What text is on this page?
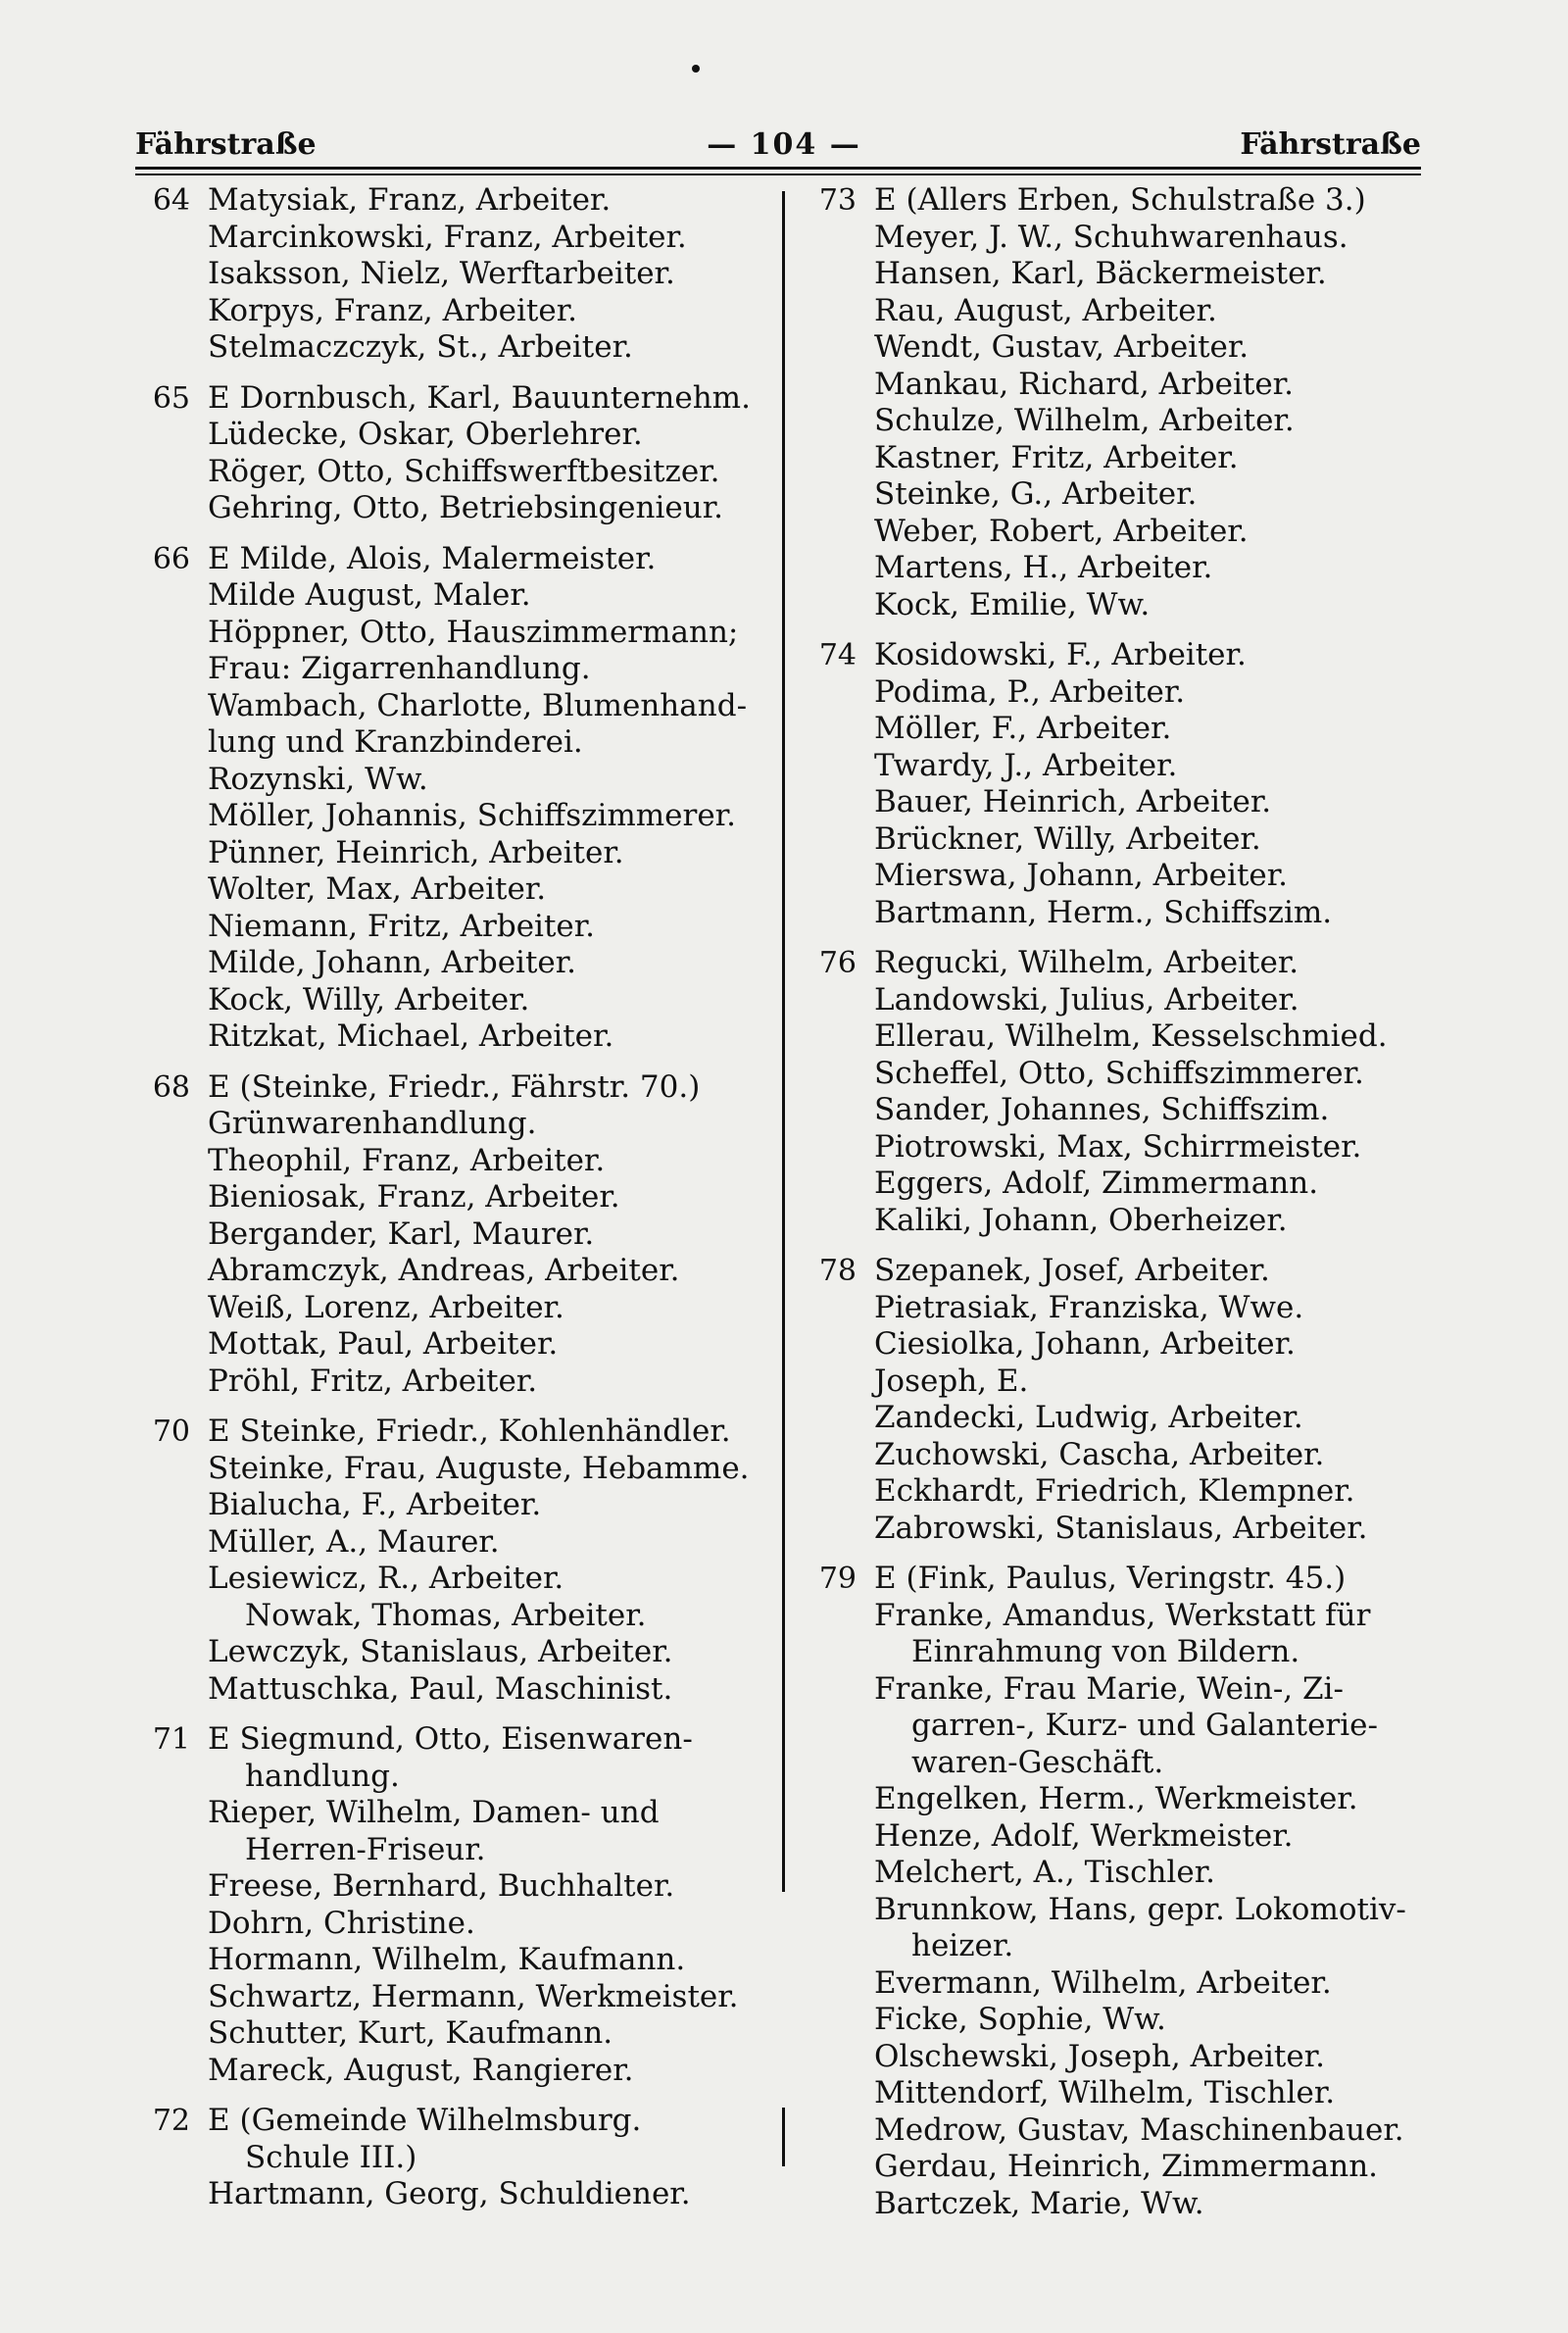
Fährstraße	— 104 —	Fährstraße
64 Matysiak, Franz, Arbeiter.
Marcinkowski, Franz, Arbeiter.
Isaksson, Nielz, Werftarbeiter.
Korpys, Franz, Arbeiter.
Stelmaczczyk, St., Arbeiter.
65 E Dornbusch, Karl, Bauunternehm.
Lüdecke, Oskar, Oberlehrer.
Röger, Otto, Schiffswerftbesitzer.
Gehring, Otto, Betriebsingenieur.
66 E Milde, Alois, Malermeister.
Milde August, Maler.
Höppner, Otto, Hauszimmermann;
Frau: Zigarrenhandlung.
Wambach, Charlotte, Blumenhand-
lung und Kranzbinderei.
Rozynski, Ww.
Möller, Johannis, Schiffszimmerer.
Pünner, Heinrich, Arbeiter.
Wolter, Max, Arbeiter.
Niemann, Fritz, Arbeiter.
Milde, Johann, Arbeiter.
Kock, Willy, Arbeiter.
Ritzkat, Michael, Arbeiter.
68 E (Steinke, Friedr., Fährstr. 70.)
Grünwarenhandlung.
Theophil, Franz, Arbeiter.
Bieniosak, Franz, Arbeiter.
Bergander, Karl, Maurer.
Abramczyk, Andreas, Arbeiter.
Weiß, Lorenz, Arbeiter.
Mottak, Paul, Arbeiter.
Pröhl, Fritz, Arbeiter.
70 E Steinke, Friedr., Kohlenhändler.
Steinke, Frau, Auguste, Hebamme.
Bialucha, F., Arbeiter.
Müller, A., Maurer.
Lesiewicz, R., Arbeiter.
Nowak, Thomas, Arbeiter.
Lewczyk, Stanislaus, Arbeiter.
Mattuschka, Paul, Maschinist.
71 E Siegmund, Otto, Eisenwaren-
handlung.
Rieper, Wilhelm, Damen- und
Herren-Friseur.
Freese, Bernhard, Buchhalter.
Dohrn, Christine.
Hormann, Wilhelm, Kaufmann.
Schwartz, Hermann, Werkmeister.
Schutter, Kurt, Kaufmann.
Mareck, August, Rangierer.
72 E (Gemeinde Wilhelmsburg.
Schule III.)
Hartmann, Georg, Schuldiener.
73 E (Allers Erben, Schulstraße 3.)
Meyer, J. W., Schuhwarenhaus.
Hansen, Karl, Bäckermeister.
Rau, August, Arbeiter.
Wendt, Gustav, Arbeiter.
Mankau, Richard, Arbeiter.
Schulze, Wilhelm, Arbeiter.
Kastner, Fritz, Arbeiter.
Steinke, G., Arbeiter.
Weber, Robert, Arbeiter.
Martens, H., Arbeiter.
Kock, Emilie, Ww.
74 Kosidowski, F., Arbeiter.
Podima, P., Arbeiter.
Möller, F., Arbeiter.
Twardy, J., Arbeiter.
Bauer, Heinrich, Arbeiter.
Brückner, Willy, Arbeiter.
Mierswa, Johann, Arbeiter.
Bartmann, Herm., Schiffszim.
76 Regucki, Wilhelm, Arbeiter.
Landowski, Julius, Arbeiter.
Ellerau, Wilhelm, Kesselschmied.
Scheffel, Otto, Schiffszimmerer.
Sander, Johannes, Schiffszim.
Piotrowski, Max, Schirrmeister.
Eggers, Adolf, Zimmermann.
Kaliki, Johann, Oberheizer.
78 Szepanek, Josef, Arbeiter.
Pietrasiak, Franziska, Wwe.
Ciesiolka, Johann, Arbeiter.
Joseph, E.
Zandecki, Ludwig, Arbeiter.
Zuchowski, Cascha, Arbeiter.
Eckhardt, Friedrich, Klempner.
Zabrowski, Stanislaus, Arbeiter.
79 E (Fink, Paulus, Veringstr. 45.)
Franke, Amandus, Werkstatt für
Einrahmung von Bildern.
Franke, Frau Marie, Wein-, Zi-
garren-, Kurz- und Galanterie-
waren-Geschäft.
Engelken, Herm., Werkmeister.
Henze, Adolf, Werkmeister.
Melchert, A., Tischler.
Brunnkow, Hans, gepr. Lokomotiv-
heizer.
Evermann, Wilhelm, Arbeiter.
Ficke, Sophie, Ww.
Olschewski, Joseph, Arbeiter.
Mittendorf, Wilhelm, Tischler.
Medrow, Gustav, Maschinenbauer.
Gerdau, Heinrich, Zimmermann.
Bartczek, Marie, Ww.
